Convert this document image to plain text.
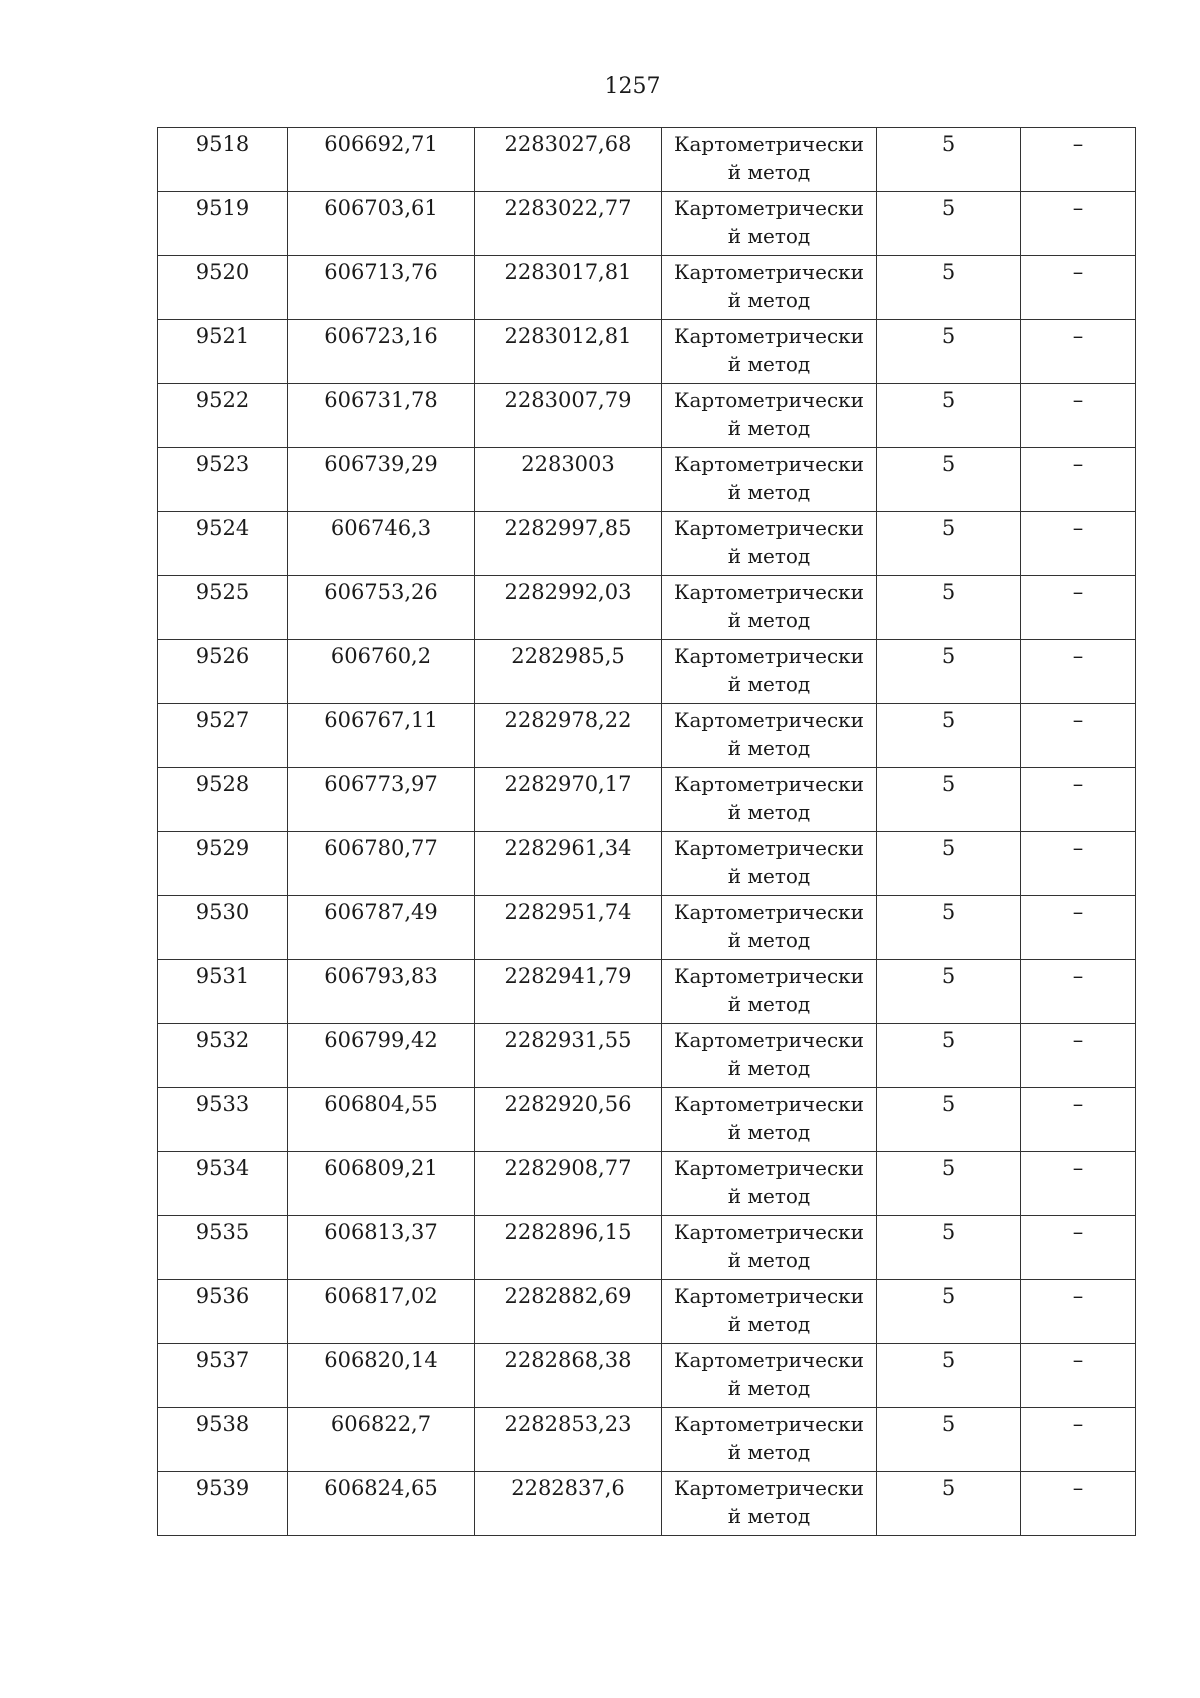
1257
9518	606692,71	2283027,68	Картометрически
й метод	5	–
9519	606703,61	2283022,77	Картометрически
й метод	5	–
9520	606713,76	2283017,81	Картометрически
й метод	5	–
9521	606723,16	2283012,81	Картометрически
й метод	5	–
9522	606731,78	2283007,79	Картометрически
й метод	5	–
9523	606739,29	2283003	Картометрически
й метод	5	–
9524	606746,3	2282997,85	Картометрически
й метод	5	–
9525	606753,26	2282992,03	Картометрически
й метод	5	–
9526	606760,2	2282985,5	Картометрически
й метод	5	–
9527	606767,11	2282978,22	Картометрически
й метод	5	–
9528	606773,97	2282970,17	Картометрически
й метод	5	–
9529	606780,77	2282961,34	Картометрически
й метод	5	–
9530	606787,49	2282951,74	Картометрически
й метод	5	–
9531	606793,83	2282941,79	Картометрически
й метод	5	–
9532	606799,42	2282931,55	Картометрически
й метод	5	–
9533	606804,55	2282920,56	Картометрически
й метод	5	–
9534	606809,21	2282908,77	Картометрически
й метод	5	–
9535	606813,37	2282896,15	Картометрически
й метод	5	–
9536	606817,02	2282882,69	Картометрически
й метод	5	–
9537	606820,14	2282868,38	Картометрически
й метод	5	–
9538	606822,7	2282853,23	Картометрически
й метод	5	–
9539	606824,65	2282837,6	Картометрически
й метод	5	–
